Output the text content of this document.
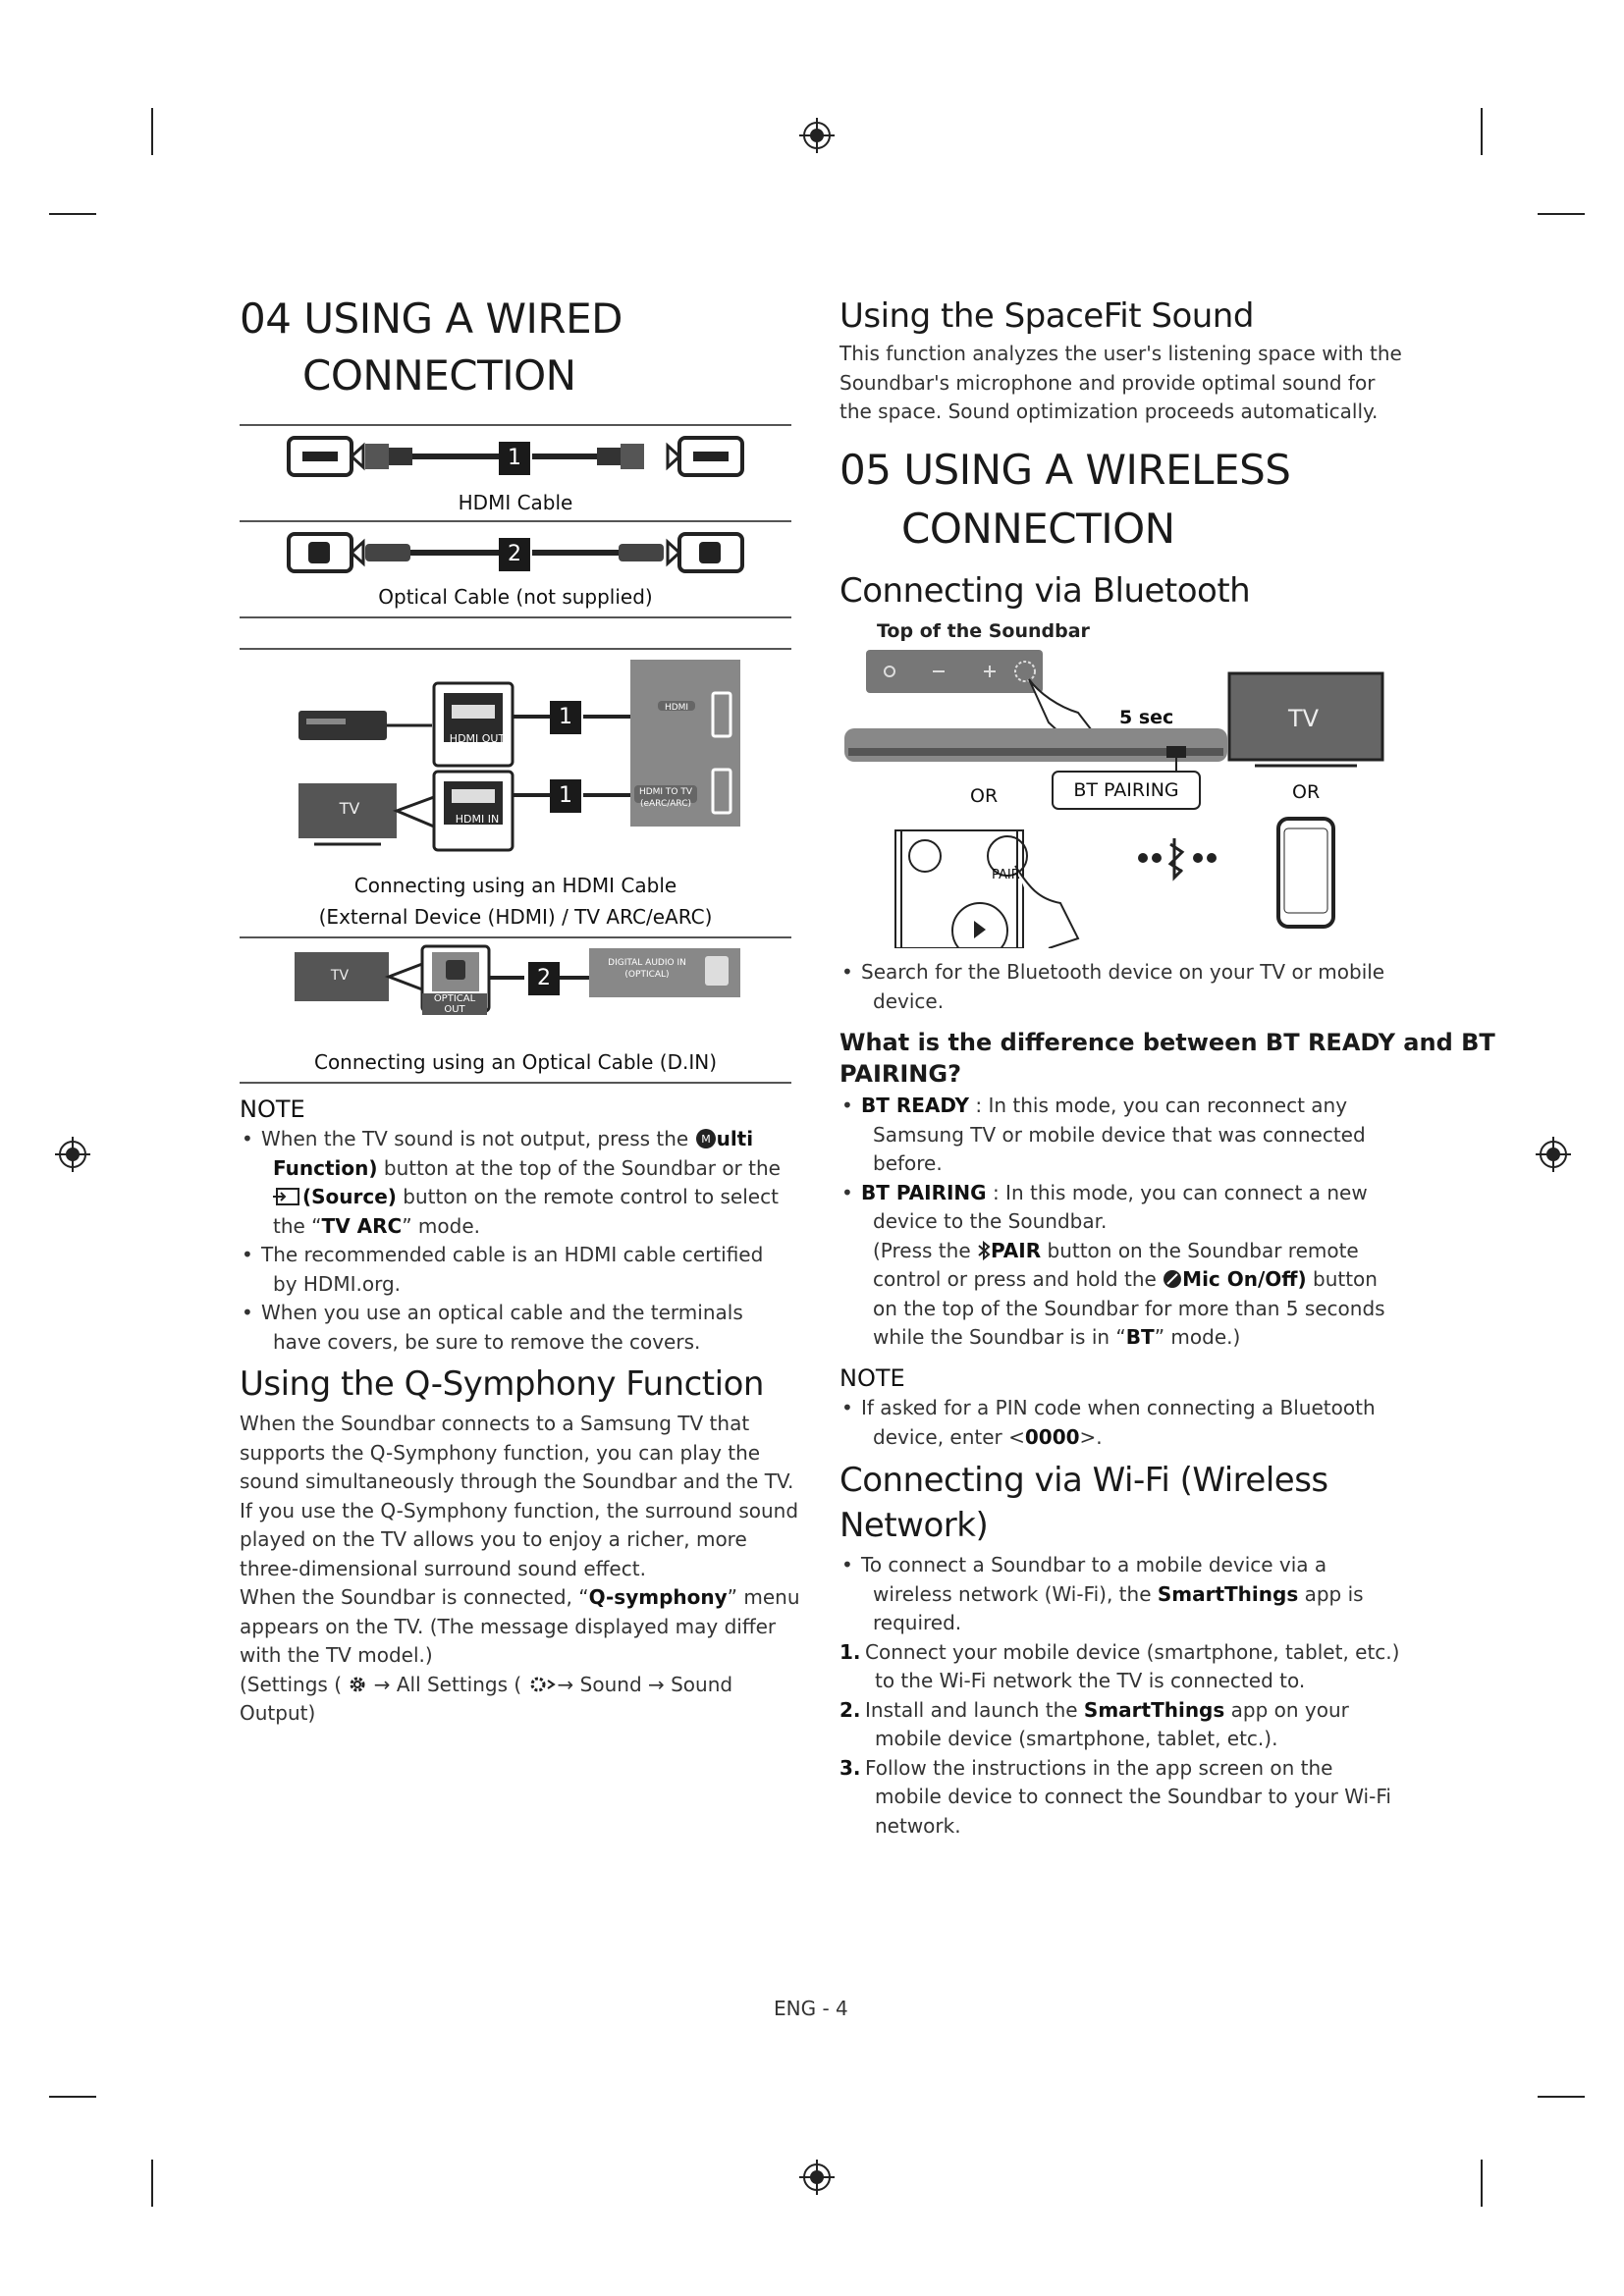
04 USING A WIRED
CONNECTION
1
HDMI Cable
2
Optical Cable (not supplied)
HDMI OUT
HDMI IN
(ARC)
TV
HDMI
HDMI TO TV
(eARC/ARC)
1
1
Connecting using an HDMI Cable
(External Device (HDMI) / TV ARC/eARC)
TV
OPTICAL OUT
DIGITAL AUDIO IN
(OPTICAL)
2
Connecting using an Optical Cable (D.IN)
NOTE
• When the TV sound is not output, press the M ulti

Function) button at the top of the Soundbar or the
(Source) button on the remote control to select
the “TV ARC” mode.
• The recommended cable is an HDMI cable certified
by HDMI.org.
• When you use an optical cable and the terminals
have covers, be sure to remove the covers.
Using the Q-Symphony Function
When the Soundbar connects to a Samsung TV that
supports the Q-Symphony function, you can play the
sound simultaneously through the Soundbar and the TV.
If you use the Q-Symphony function, the surround sound
played on the TV allows you to enjoy a richer, more
three-dimensional surround sound effect.
When the Soundbar is connected, “Q-symphony” menu
appears on the TV. (The message displayed may differ
with the TV model.)
(Settings (  → All Settings ( → Sound → Sound
Output)
Using the SpaceFit Sound
This function analyzes the user's listening space with the
Soundbar's microphone and provide optimal sound for
the space. Sound optimization proceeds automatically.
05 USING A WIRELESS
CONNECTION
Connecting via Bluetooth
Top of the Soundbar
5 sec	TV
OR	BT PAIRING	OR
PAIR
• Search for the Bluetooth device on your TV or mobile
device.
What is the difference between BT READY and BT
PAIRING?
• BT READY : In this mode, you can reconnect any
Samsung TV or mobile device that was connected
before.
• BT PAIRING : In this mode, you can connect a new
device to the Soundbar.
(Press the PAIR button on the Soundbar remote
control or press and hold the Mic On/Off) button
on the top of the Soundbar for more than 5 seconds
while the Soundbar is in “BT” mode.)
NOTE
• If asked for a PIN code when connecting a Bluetooth
device, enter <0000>.
Connecting via Wi-Fi (Wireless
Network)
• To connect a Soundbar to a mobile device via a
wireless network (Wi-Fi), the SmartThings app is
required.
1. Connect your mobile device (smartphone, tablet, etc.)
to the Wi-Fi network the TV is connected to.
2. Install and launch the SmartThings app on your
mobile device (smartphone, tablet, etc.).
3. Follow the instructions in the app screen on the
mobile device to connect the Soundbar to your Wi-Fi
network.
ENG - 4
